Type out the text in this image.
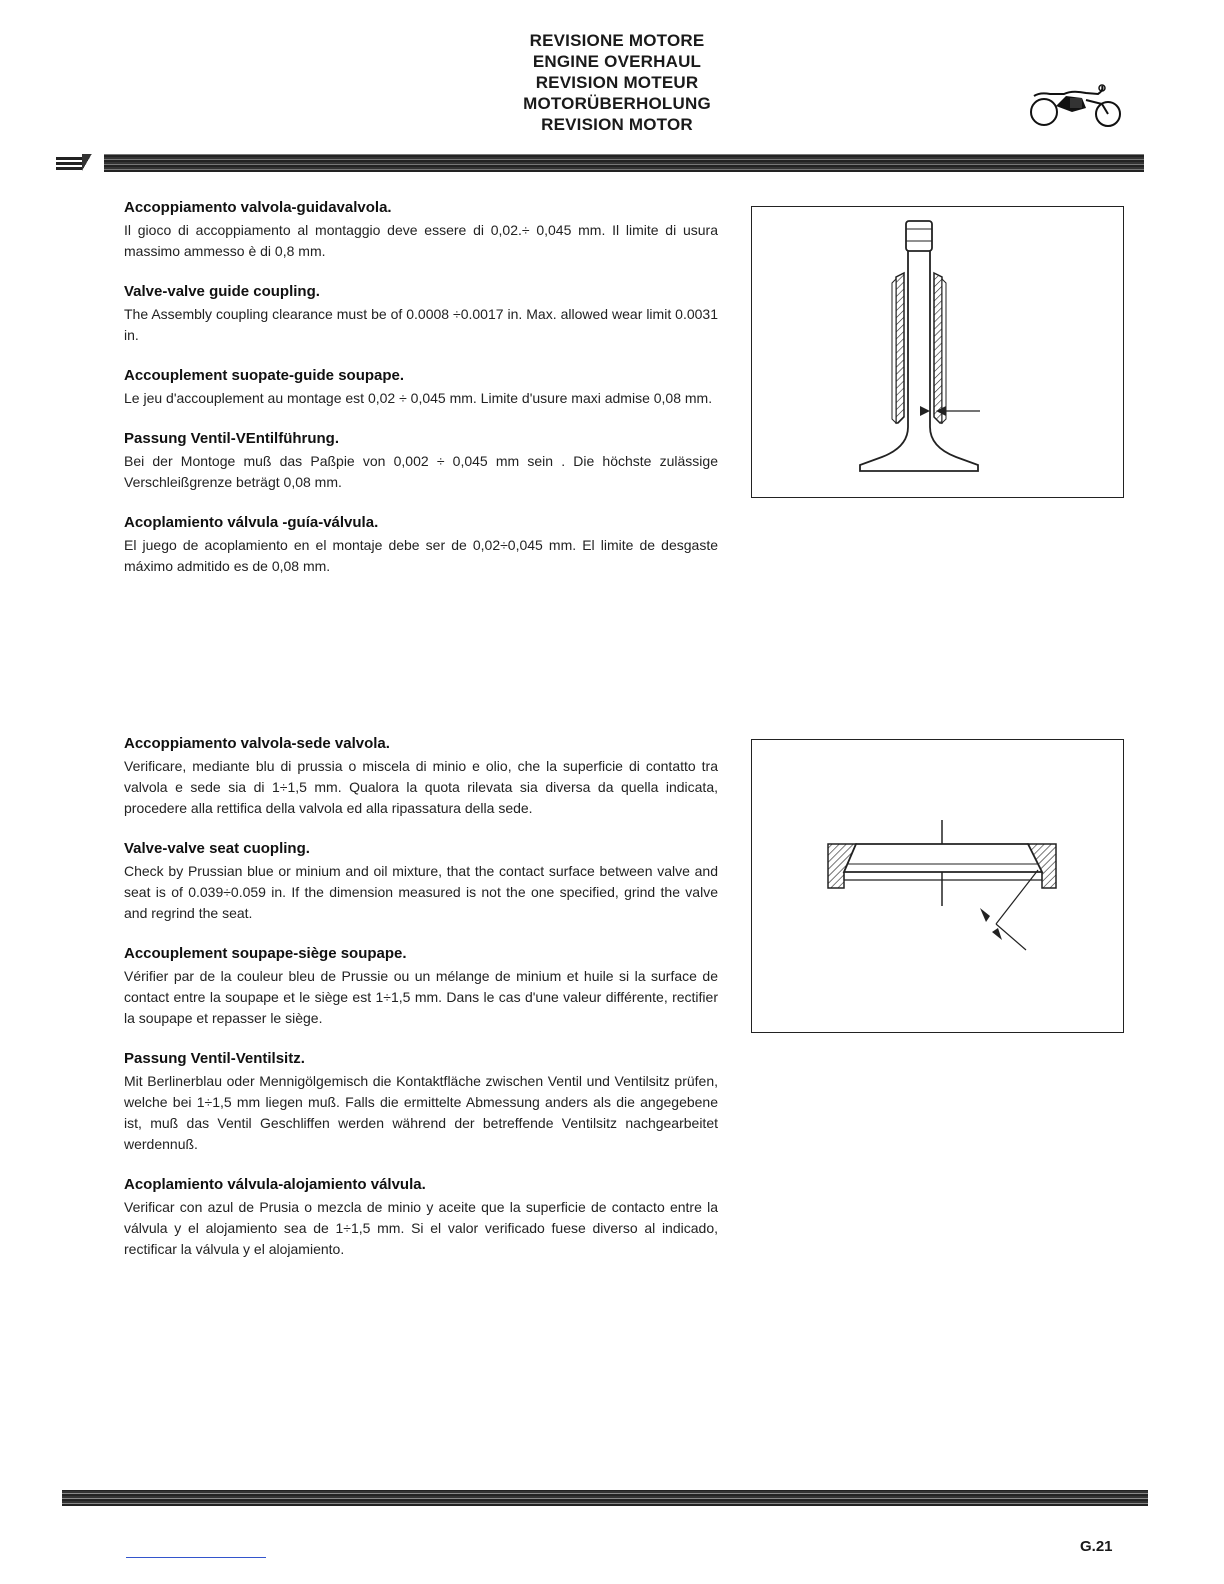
REVISIONE MOTORE
ENGINE OVERHAUL
REVISION MOTEUR
MOTORÜBERHOLUNG
REVISION MOTOR
Accoppiamento valvola-guidavalvola.

Il gioco di accoppiamento al montaggio deve essere di 0,02.÷ 0,045 mm. Il limite di usura massimo ammesso è di 0,8 mm.

Valve-valve guide coupling.

The Assembly coupling clearance must be of 0.0008 ÷0.0017 in. Max. allowed wear limit 0.0031 in.

Accouplement suopate-guide soupape.

Le jeu d'accouplement au montage est 0,02 ÷ 0,045 mm. Limite d'usure maxi admise 0,08 mm.

Passung Ventil-VEntilführung.

Bei der Montoge muß das Paßpie von 0,002 ÷ 0,045 mm sein . Die höchste zulässige Verschleißgrenze beträgt 0,08 mm.

Acoplamiento válvula -guía-válvula.

El juego de acoplamiento en el montaje debe ser de 0,02÷0,045 mm. El limite de desgaste máximo admitido es de 0,08 mm.

Accoppiamento valvola-sede valvola.

Verificare, mediante blu di prussia o miscela di minio e olio, che la superficie di contatto tra valvola e sede sia di 1÷1,5 mm. Qualora la quota rilevata sia diversa da quella indicata, procedere alla rettifica della valvola ed alla ripassatura della sede.

Valve-valve seat cuopling.

Check by Prussian blue or minium and oil mixture, that the contact surface between valve and seat is of 0.039÷0.059 in. If the dimension measured is not the one specified, grind the valve and regrind the seat.

Accouplement soupape-siège soupape.

Vérifier par de la couleur bleu de Prussie ou un mélange de minium et huile si la surface de contact entre la soupape et le siège est 1÷1,5 mm. Dans le cas d'une valeur différente, rectifier la soupape et repasser le siège.

Passung Ventil-Ventilsitz.

Mit Berlinerblau oder Mennigölgemisch die Kontaktfläche zwischen Ventil und Ventilsitz prüfen, welche bei 1÷1,5 mm liegen muß. Falls die ermittelte Abmessung anders als die angegebene ist, muß das Ventil Geschliffen werden während der betreffende Ventilsitz nachgearbeitet werdennuß.

Acoplamiento válvula-alojamiento válvula.

Verificar con azul de Prusia o mezcla de minio y aceite que la superficie de contacto entre la válvula y el alojamiento sea de 1÷1,5 mm. Si el valor verificado fuese diverso al indicado, rectificar la válvula y el alojamiento.

G.21
